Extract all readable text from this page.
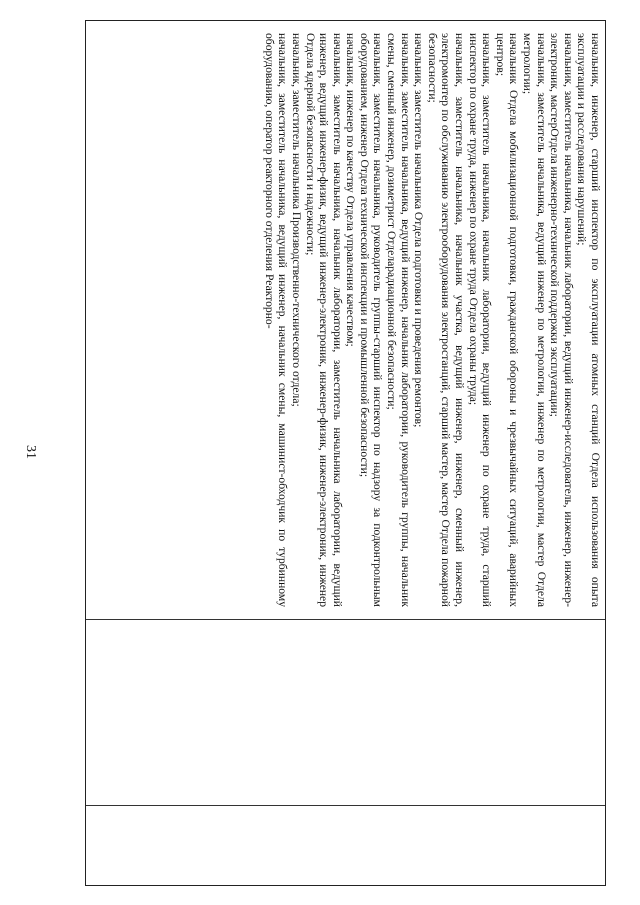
31	начальник, инженер, старший инспектор по эксплуатации атомных станций Отдела использования опыта эксплуатации и расследования нарушений;

начальник, заместитель начальника, начальник лаборатории, ведущий инженер-исследователь, инженер, инженер-электроник, мастерОтдела инженерно-технической поддержки эксплуатации;

начальник, заместитель начальника, ведущий инженер по метрологии, инженер по метрологии, мастер Отдела метрологии;

начальник Отдела мобилизационной подготовки, гражданской обороны и чрезвычайных ситуаций, аварийных центров;

начальник, заместитель начальника, начальник лаборатории, ведущий инженер по охране труда, старший инспектор по охране труда, инженер по охране труда Отдела охраны труда;

начальник, заместитель начальника, начальник участка, ведущий инженер, инженер, сменный инженер, электромонтер по обслуживанию электрооборудования электростанций, старший мастер, мастер Отдела пожарной безопасности;

начальник, заместитель начальника Отдела подготовки и проведения ремонтов;

начальник, заместитель начальника, ведущий инженер, начальник лаборатории, руководитель группы, начальник смены, сменный инженер, дозиметрист Отделарадиационной безопасности;

начальник, заместитель начальника, руководитель группы-старший инспектор по надзору за подконтрольным оборудованием, инженер Отдела технической инспекции и промышленной безопасности;

начальник, инженер по качеству Отдела управления качеством;

начальник, заместитель начальника, начальник лаборатории, заместитель начальника лаборатории, ведущий инженер, ведущий инженер-физик, ведущий инженер-электроник, инженер-физик, инженер-электроник, инженер Отдела ядерной безопасности и надежности;

начальник, заместитель начальника Производственно-технического отдела;

начальник, заместитель начальника, ведущий инженер, начальник смены, машинист-обходчик по турбинному оборудованию, оператор реакторного отделения Реакторно-
